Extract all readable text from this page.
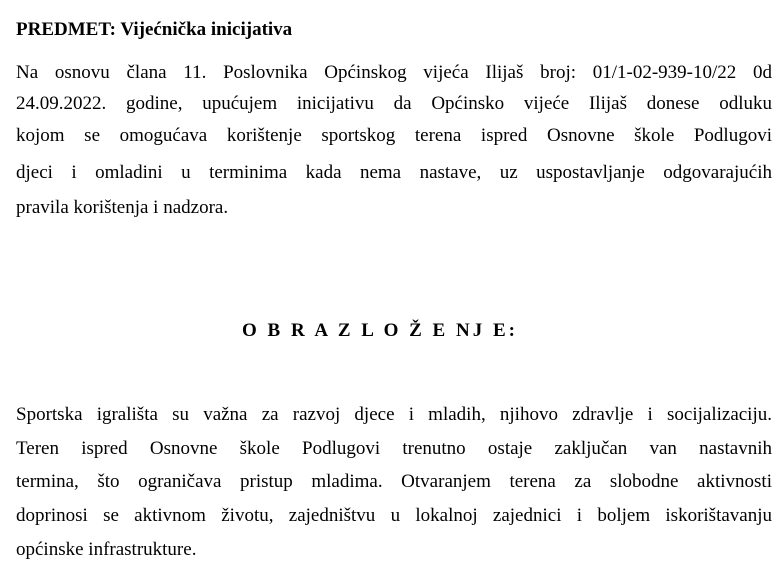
PREDMET: Vijećnička inicijativa
Na osnovu člana 11. Poslovnika Općinskog vijeća Ilijaš broj: 01/1-02-939-10/22 0d
24.09.2022. godine, upućujem inicijativu da Općinsko vijeće Ilijaš donese odluku
kojom se omogućava korištenje sportskog terena ispred Osnovne škole Podlugovi
djeci i omladini u terminima kada nema nastave, uz uspostavljanje odgovarajućih
pravila korištenja i nadzora.
O B R A Z L O Ž E NJ E:
Sportska igrališta su važna za razvoj djece i mladih, njihovo zdravlje i socijalizaciju.
Teren ispred Osnovne škole Podlugovi trenutno ostaje zaključan van nastavnih
termina, što ograničava pristup mladima. Otvaranjem terena za slobodne aktivnosti
doprinosi se aktivnom životu, zajedništvu u lokalnoj zajednici i boljem iskorištavanju
općinske infrastrukture.
